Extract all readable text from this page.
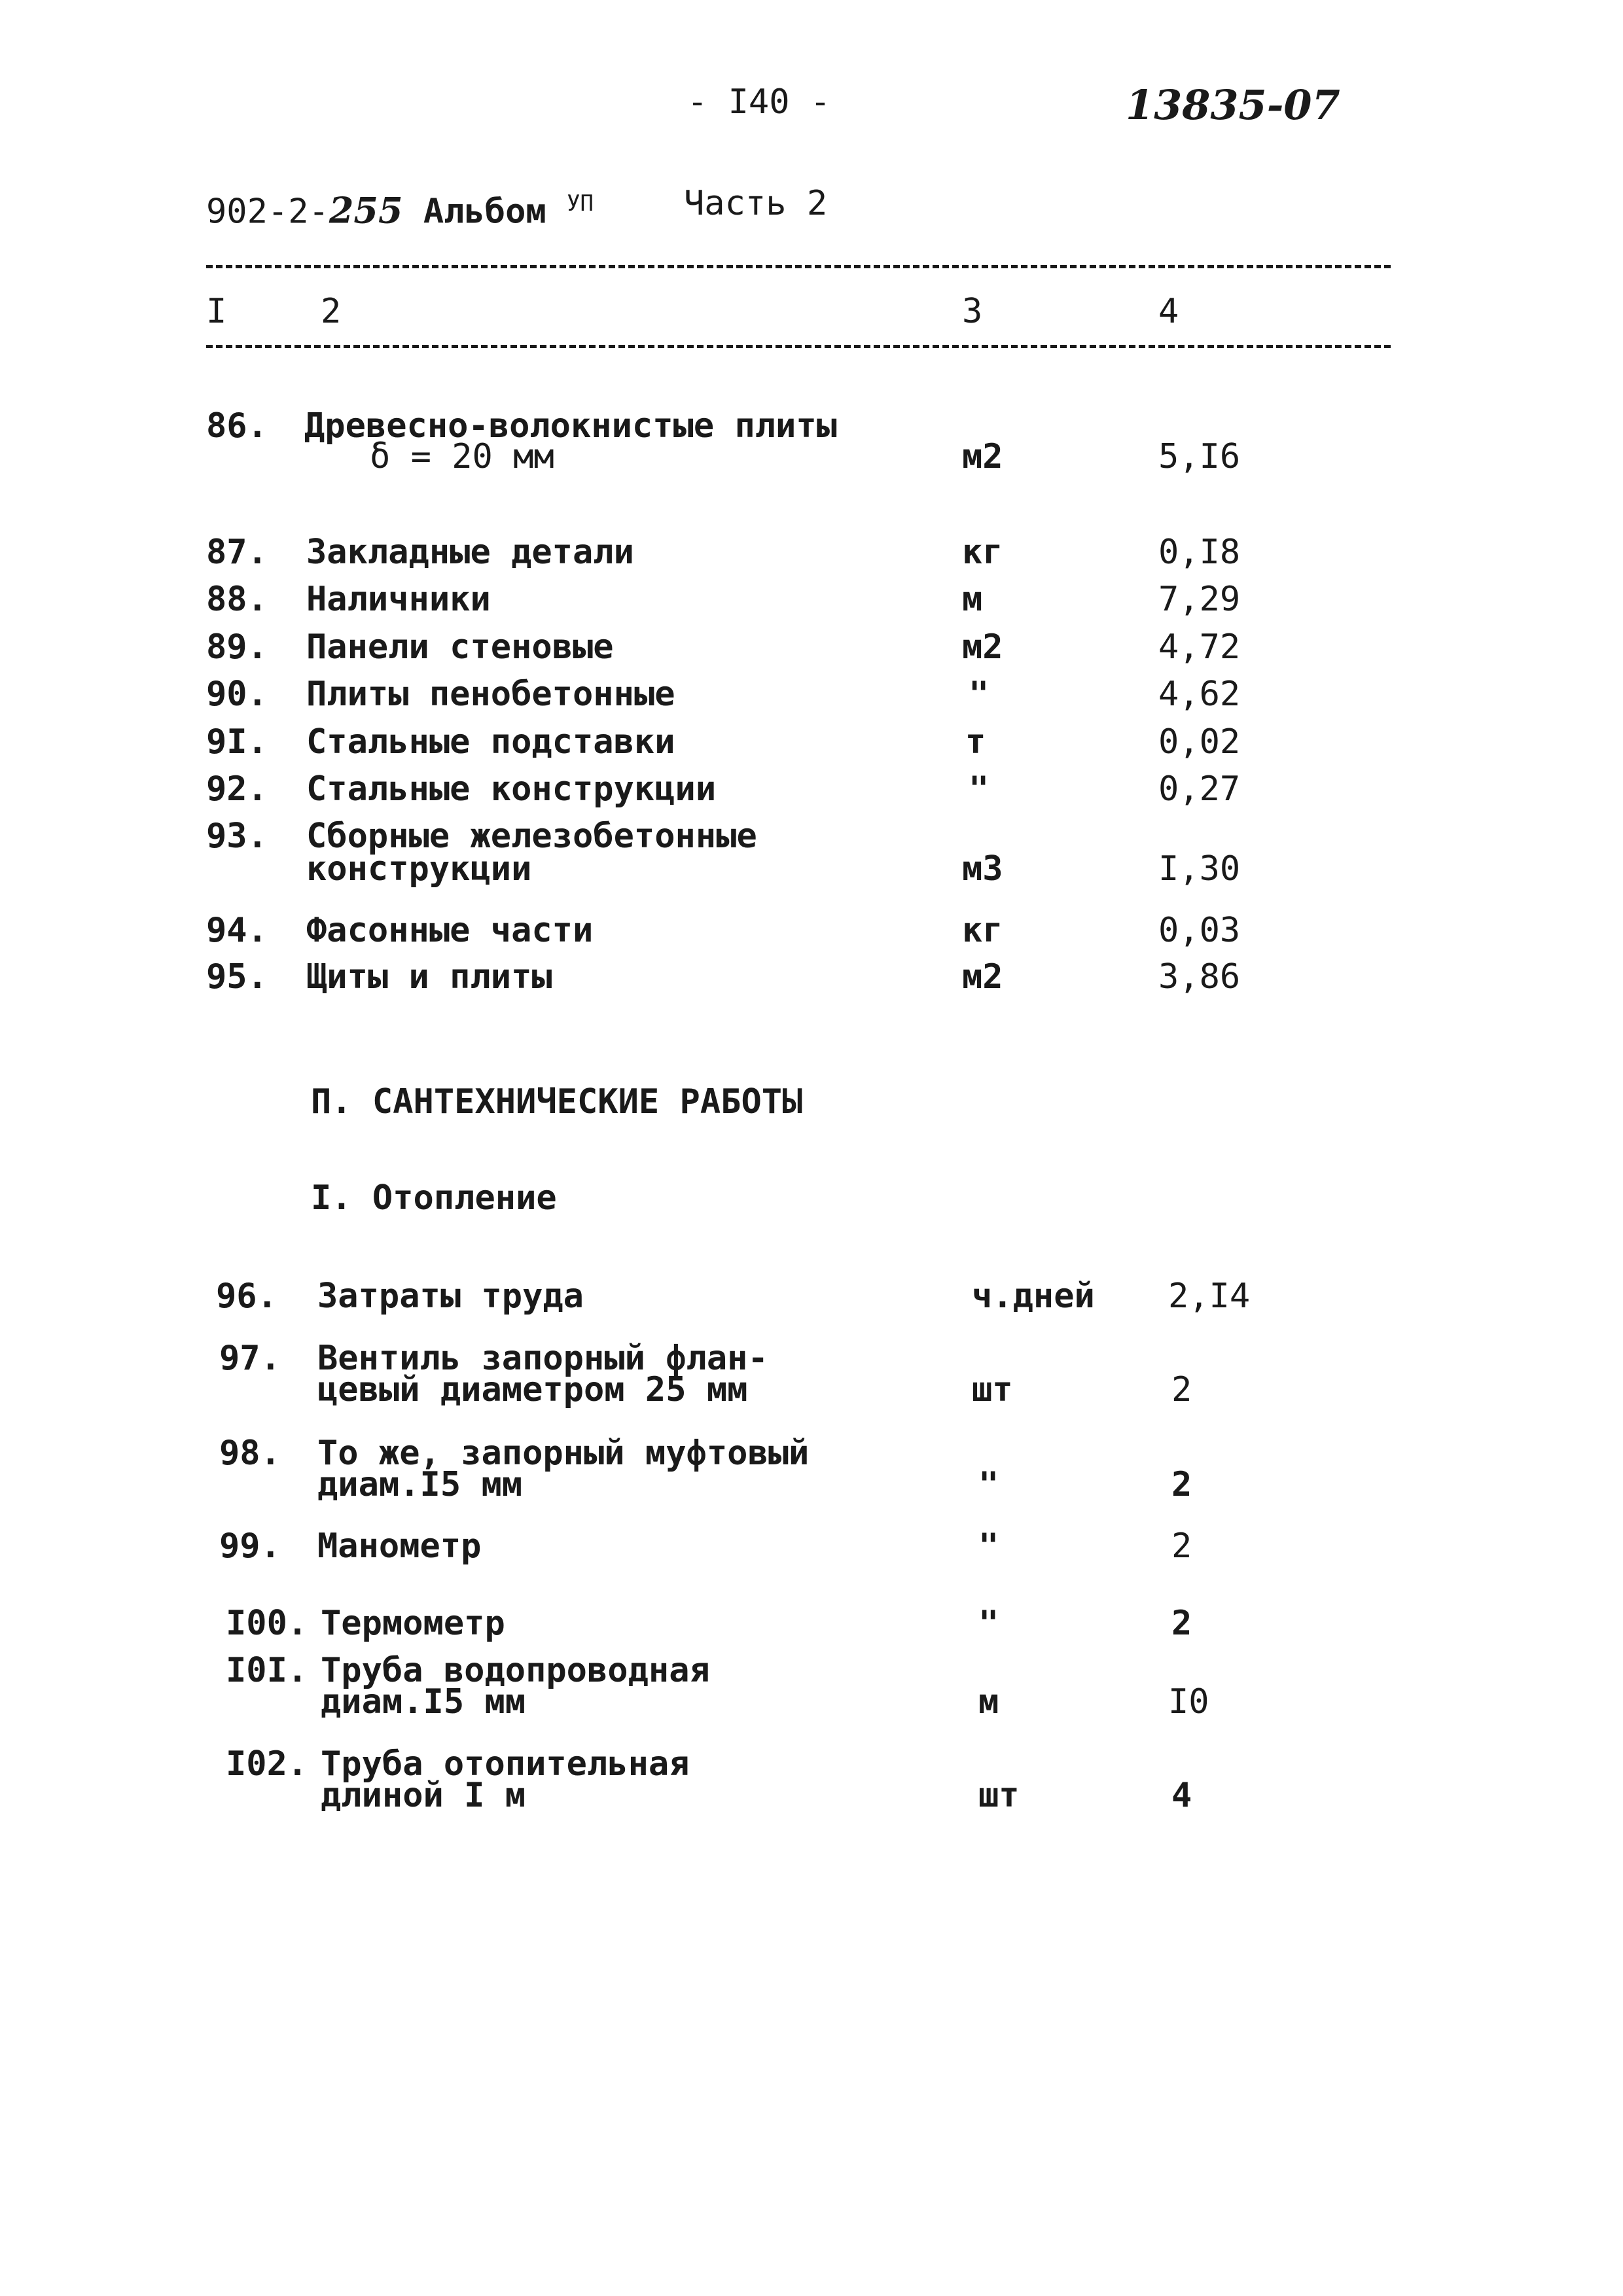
- I40 -	13835-07
902-2-255 Альбом $^{УП}$	Часть 2
I	2	3	4
86. Древесно-волокнистые плиты
δ = 20 мм	м2	5,I6
87. Закладные детали	кг	0,I8
88. Наличники	м	7,29
89. Панели стеновые	м2	4,72
90. Плиты пенобетонные	"	4,62
9I. Стальные подставки	т	0,02
92. Стальные конструкции	"	0,27
93. Сборные железобетонные
конструкции	м3	I,30
94. Фасонные части	кг	0,03
95. Щиты и плиты	м2	3,86
П. САНТЕХНИЧЕСКИЕ РАБОТЫ
I. Отопление
96. Затраты труда	ч.дней 2,I4
97. Вентиль запорный флан-
цевый диаметром 25 мм	шт	2
98. То же, запорный муфтовый
диам.I5 мм	"	2
99. Манометр	"	2
I00. Термометр	"	2
I0I. Труба водопроводная
диам.I5 мм	м	I0
I02. Труба отопительная
длиной I м	шт	4
